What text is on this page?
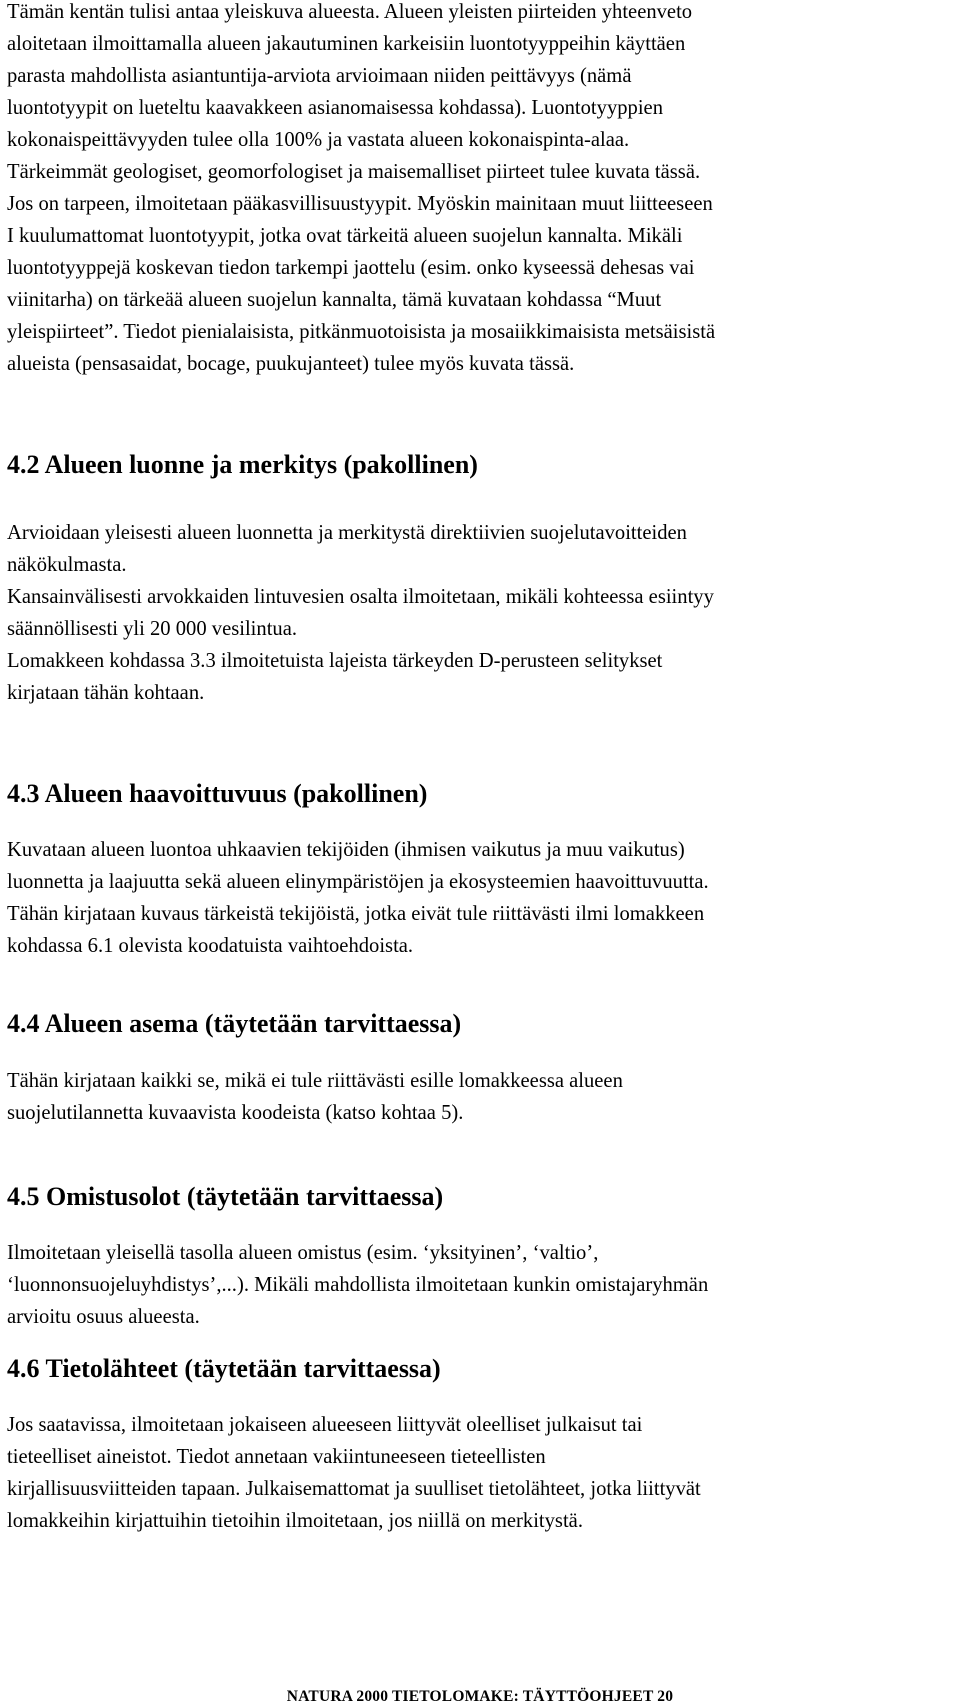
Tämän kentän tulisi antaa yleiskuva alueesta. Alueen yleisten piirteiden yhteenveto
aloitetaan ilmoittamalla alueen jakautuminen karkeisiin luontotyyppeihin käyttäen
parasta mahdollista asiantuntija-arviota arvioimaan niiden peittävyys (nämä
luontotyypit on lueteltu kaavakkeen asianomaisessa kohdassa). Luontotyyppien
kokonaispeittävyyden tulee olla 100% ja vastata alueen kokonaispinta-alaa.
Tärkeimmät geologiset, geomorfologiset ja maisemalliset piirteet tulee kuvata tässä.
Jos on tarpeen, ilmoitetaan pääkasvillisuustyypit. Myöskin mainitaan muut liitteeseen
I kuulumattomat luontotyypit, jotka ovat tärkeitä alueen suojelun kannalta. Mikäli
luontotyyppejä koskevan tiedon tarkempi jaottelu (esim. onko kyseessä dehesas vai
viinitarha) on tärkeää alueen suojelun kannalta, tämä kuvataan kohdassa “Muut
yleispiirteet”. Tiedot pienialaisista, pitkänmuotoisista ja mosaiikkimaisista metsäisistä
alueista (pensasaidat, bocage, puukujanteet) tulee myös kuvata tässä.
4.2 Alueen luonne ja merkitys (pakollinen)
Arvioidaan yleisesti alueen luonnetta ja merkitystä direktiivien suojelutavoitteiden
näkökulmasta.
Kansainvälisesti arvokkaiden lintuvesien osalta ilmoitetaan, mikäli kohteessa esiintyy
säännöllisesti yli 20 000 vesilintua.
Lomakkeen kohdassa 3.3 ilmoitetuista lajeista tärkeyden D-perusteen selitykset
kirjataan tähän kohtaan.
4.3 Alueen haavoittuvuus (pakollinen)
Kuvataan alueen luontoa uhkaavien tekijöiden (ihmisen vaikutus ja muu vaikutus)
luonnetta ja laajuutta sekä alueen elinympäristöjen ja ekosysteemien haavoittuvuutta.
Tähän kirjataan kuvaus tärkeistä tekijöistä, jotka eivät tule riittävästi ilmi lomakkeen
kohdassa 6.1 olevista koodatuista vaihtoehdoista.
4.4 Alueen asema (täytetään tarvittaessa)
Tähän kirjataan kaikki se, mikä ei tule riittävästi esille lomakkeessa alueen
suojelutilannetta kuvaavista koodeista (katso kohtaa 5).
4.5 Omistusolot (täytetään tarvittaessa)
Ilmoitetaan yleisellä tasolla alueen omistus (esim. ‘yksityinen’, ‘valtio’,
‘luonnonsuojeluyhdistys’,...). Mikäli mahdollista ilmoitetaan kunkin omistajaryhmän
arvioitu osuus alueesta.
4.6 Tietolähteet (täytetään tarvittaessa)
Jos saatavissa, ilmoitetaan jokaiseen alueeseen liittyvät oleelliset julkaisut tai
tieteelliset aineistot. Tiedot annetaan vakiintuneeseen tieteellisten
kirjallisuusviitteiden tapaan. Julkaisemattomat ja suulliset tietolähteet, jotka liittyvät
lomakkeihin kirjattuihin tietoihin ilmoitetaan, jos niillä on merkitystä.
NATURA 2000 TIETOLOMAKE: TÄYTTÖOHJEET 20
